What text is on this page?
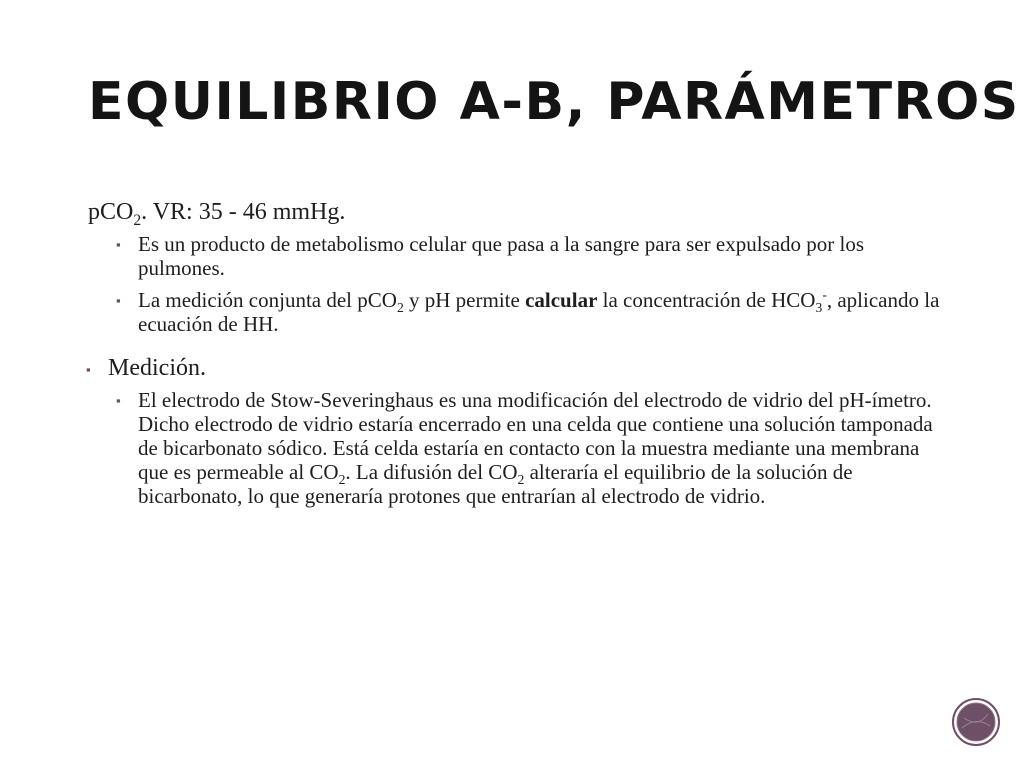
EQUILIBRIO A-B, PARÁMETROS

pCO$_2$. VR: 35 - 46 mmHg.

▪ Es un producto de metabolismo celular que pasa a la sangre para ser expulsado por los pulmones.

▪ La medición conjunta del pCO$_2$ y pH permite calcular la concentración de $HCO_3^-$, aplicando la ecuación de HH.

▪ Medición.

▪ El electrodo de Stow-Severinghaus es una modificación del electrodo de vidrio del pH-ímetro. Dicho electrodo de vidrio estaría encerrado en una celda que contiene una solución tamponada de bicarbonato sódico. Está celda estaría en contacto con la muestra mediante una membrana que es permeable al $CO_2$. La difusión del $CO_2$ alteraría el equilibrio de la solución de bicarbonato, lo que generaría protones que entrarían al electrodo de vidrio.
